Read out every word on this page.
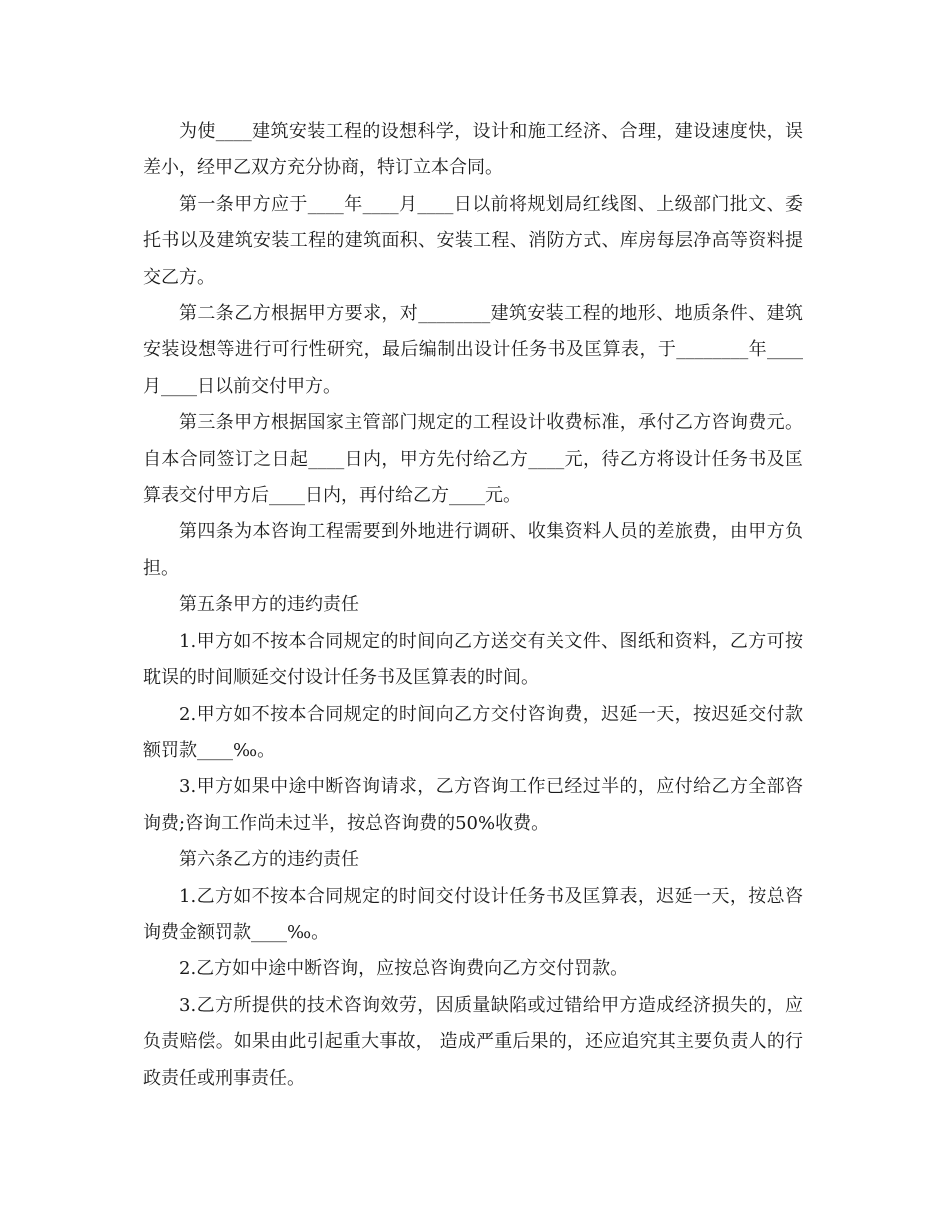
为使____建筑安装工程的设想科学，设计和施工经济、合理，建设速度快，误差小，经甲乙双方充分协商，特订立本合同。

第一条甲方应于____年____月____日以前将规划局红线图、上级部门批文、委托书以及建筑安装工程的建筑面积、安装工程、消防方式、库房每层净高等资料提交乙方。

第二条乙方根据甲方要求，对________建筑安装工程的地形、地质条件、建筑安装设想等进行可行性研究，最后编制出设计任务书及匡算表，于________年____月____日以前交付甲方。

第三条甲方根据国家主管部门规定的工程设计收费标准，承付乙方咨询费元。自本合同签订之日起____日内，甲方先付给乙方____元，待乙方将设计任务书及匡算表交付甲方后____日内，再付给乙方____元。

第四条为本咨询工程需要到外地进行调研、收集资料人员的差旅费，由甲方负担。

第五条甲方的违约责任

1.甲方如不按本合同规定的时间向乙方送交有关文件、图纸和资料，乙方可按耽误的时间顺延交付设计任务书及匡算表的时间。

2.甲方如不按本合同规定的时间向乙方交付咨询费，迟延一天，按迟延交付款额罚款____‰。

3.甲方如果中途中断咨询请求，乙方咨询工作已经过半的，应付给乙方全部咨询费;咨询工作尚未过半，按总咨询费的50%收费。

第六条乙方的违约责任

1.乙方如不按本合同规定的时间交付设计任务书及匡算表，迟延一天，按总咨询费金额罚款____‰。

2.乙方如中途中断咨询，应按总咨询费向乙方交付罚款。

3.乙方所提供的技术咨询效劳，因质量缺陷或过错给甲方造成经济损失的，应负责赔偿。如果由此引起重大事故， 造成严重后果的，还应追究其主要负责人的行政责任或刑事责任。
